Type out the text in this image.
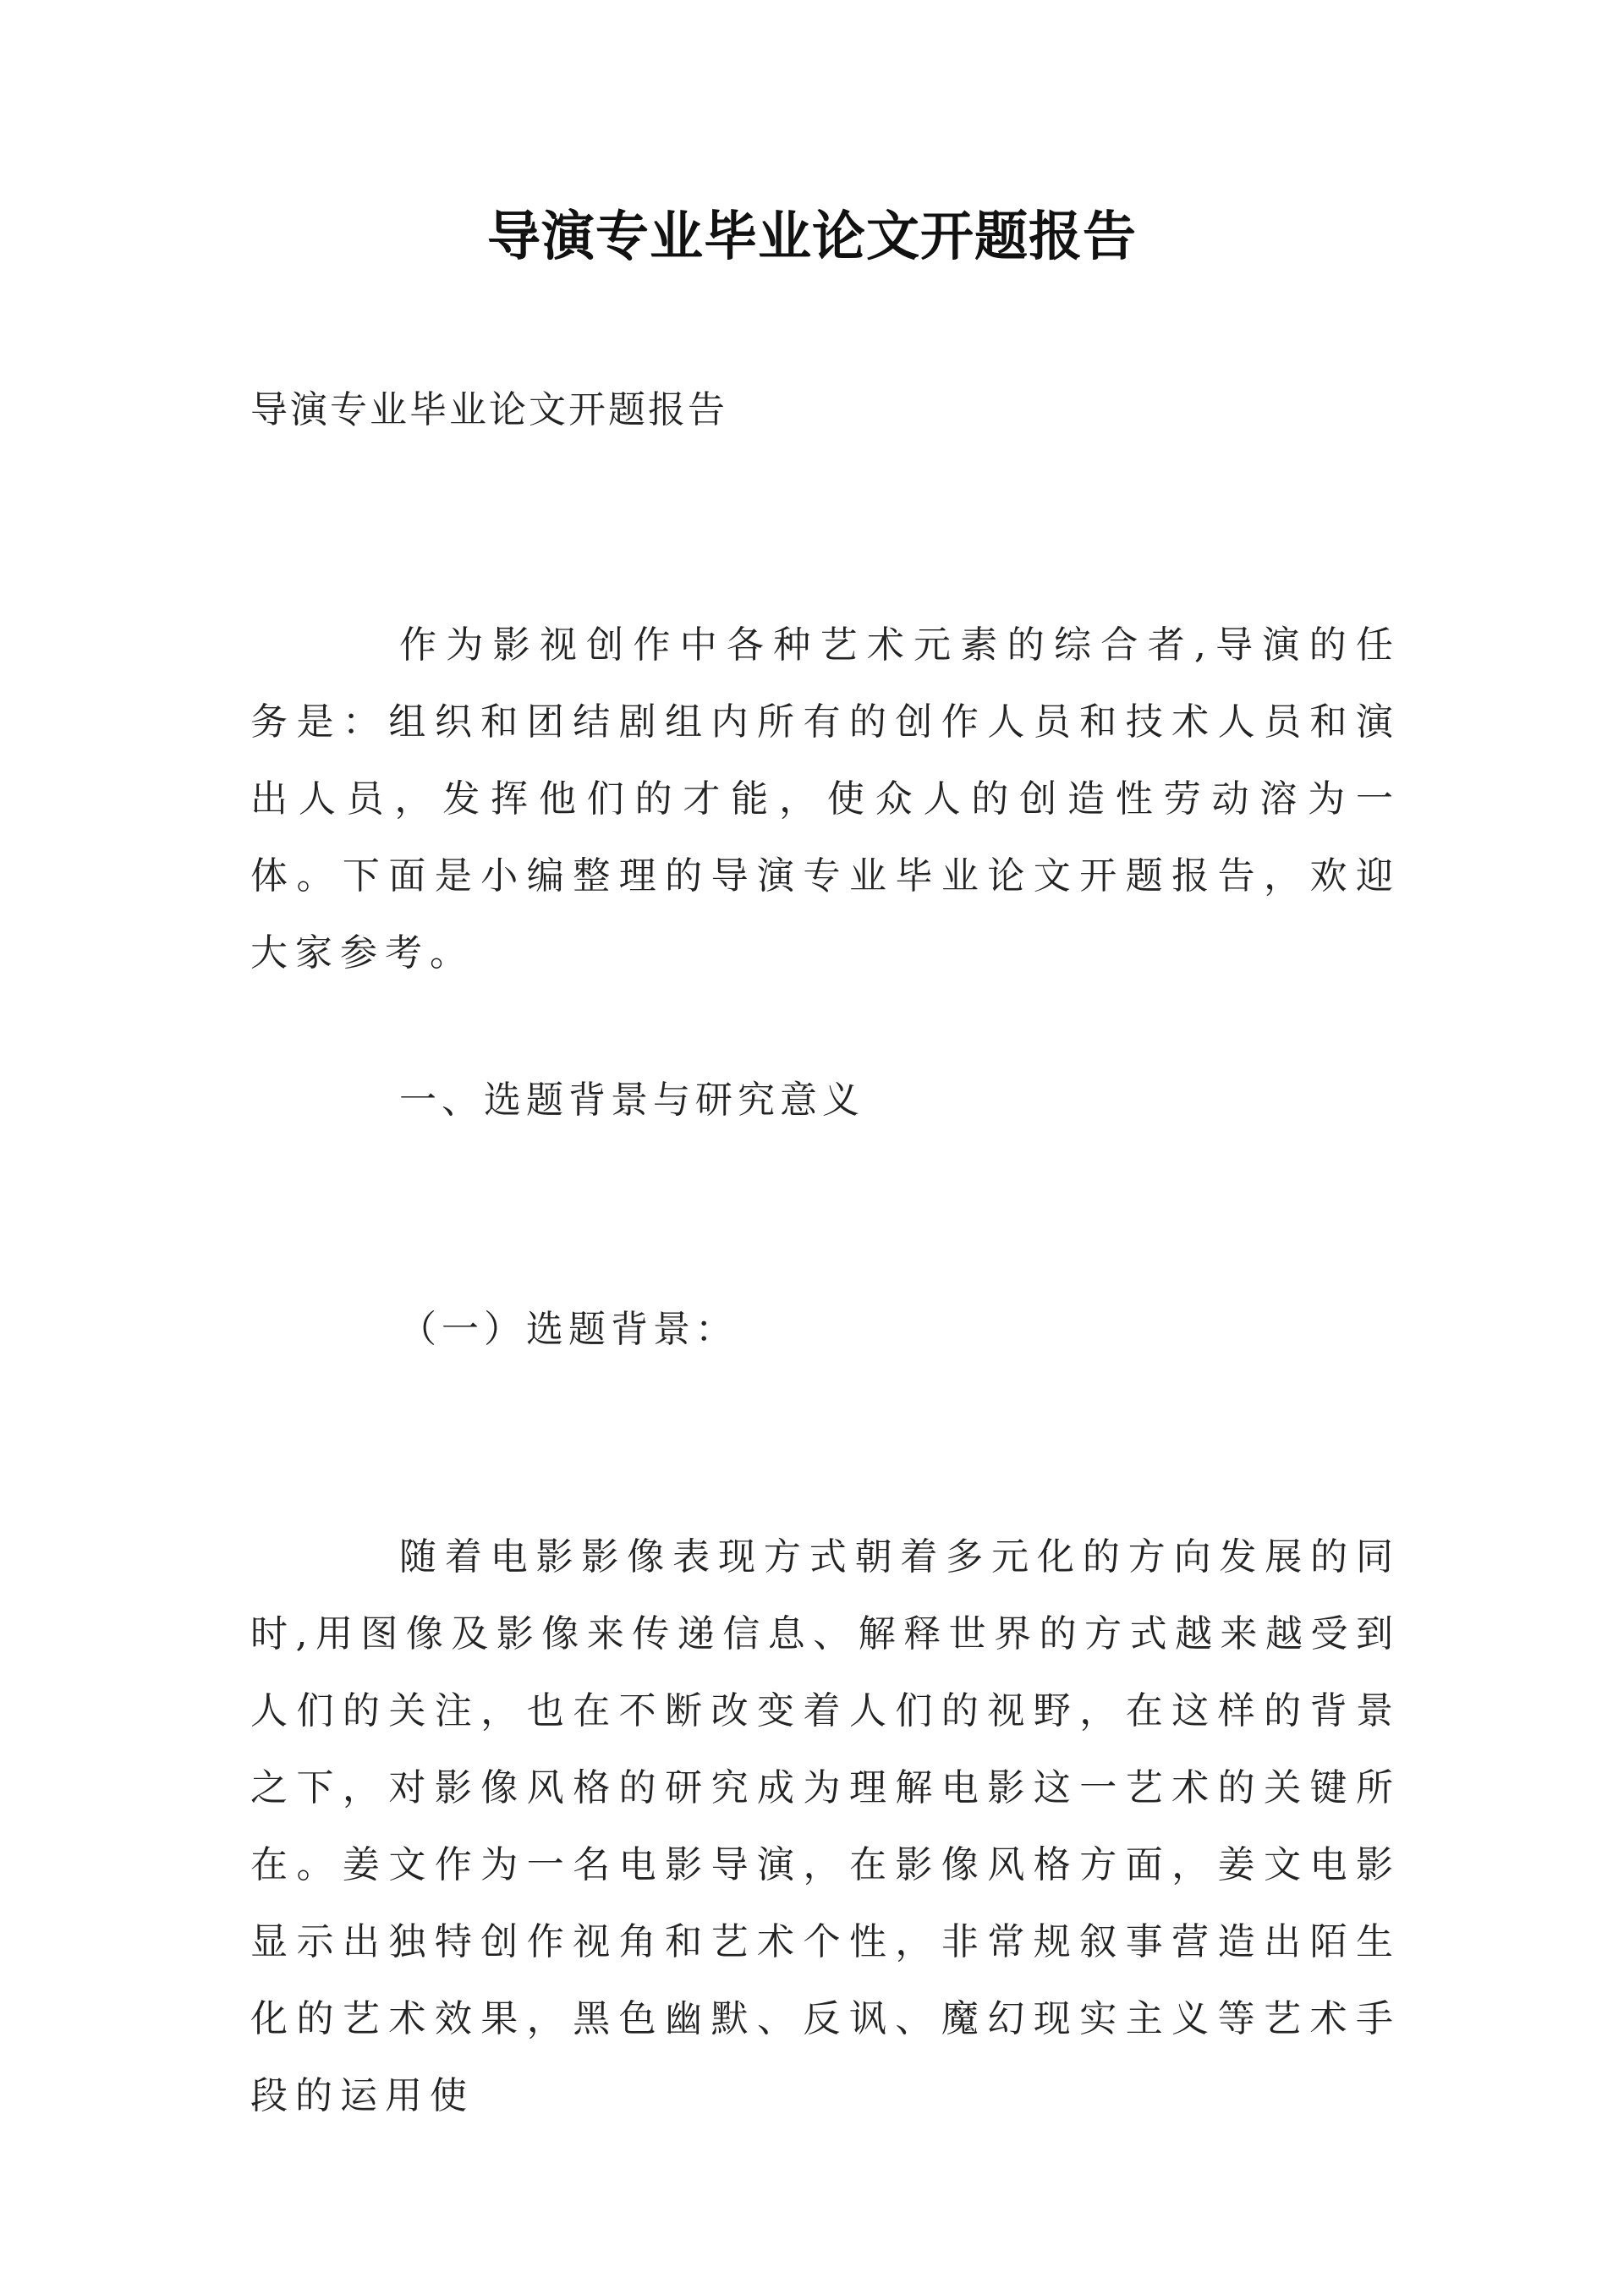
导演专业毕业论文开题报告
导演专业毕业论文开题报告
作为影视创作中各种艺术元素的综合者,导演的任务是：组织和团结剧组内所有的创作人员和技术人员和演出人员，发挥他们的才能，使众人的创造性劳动溶为一体。下面是小编整理的导演专业毕业论文开题报告，欢迎大家参考。
一、选题背景与研究意义
（一）选题背景：
随着电影影像表现方式朝着多元化的方向发展的同时,用图像及影像来传递信息、解释世界的方式越来越受到人们的关注，也在不断改变着人们的视野，在这样的背景之下，对影像风格的研究成为理解电影这一艺术的关键所在。姜文作为一名电影导演，在影像风格方面，姜文电影显示出独特创作视角和艺术个性，非常规叙事营造出陌生化的艺术效果，黑色幽默、反讽、魔幻现实主义等艺术手段的运用使
